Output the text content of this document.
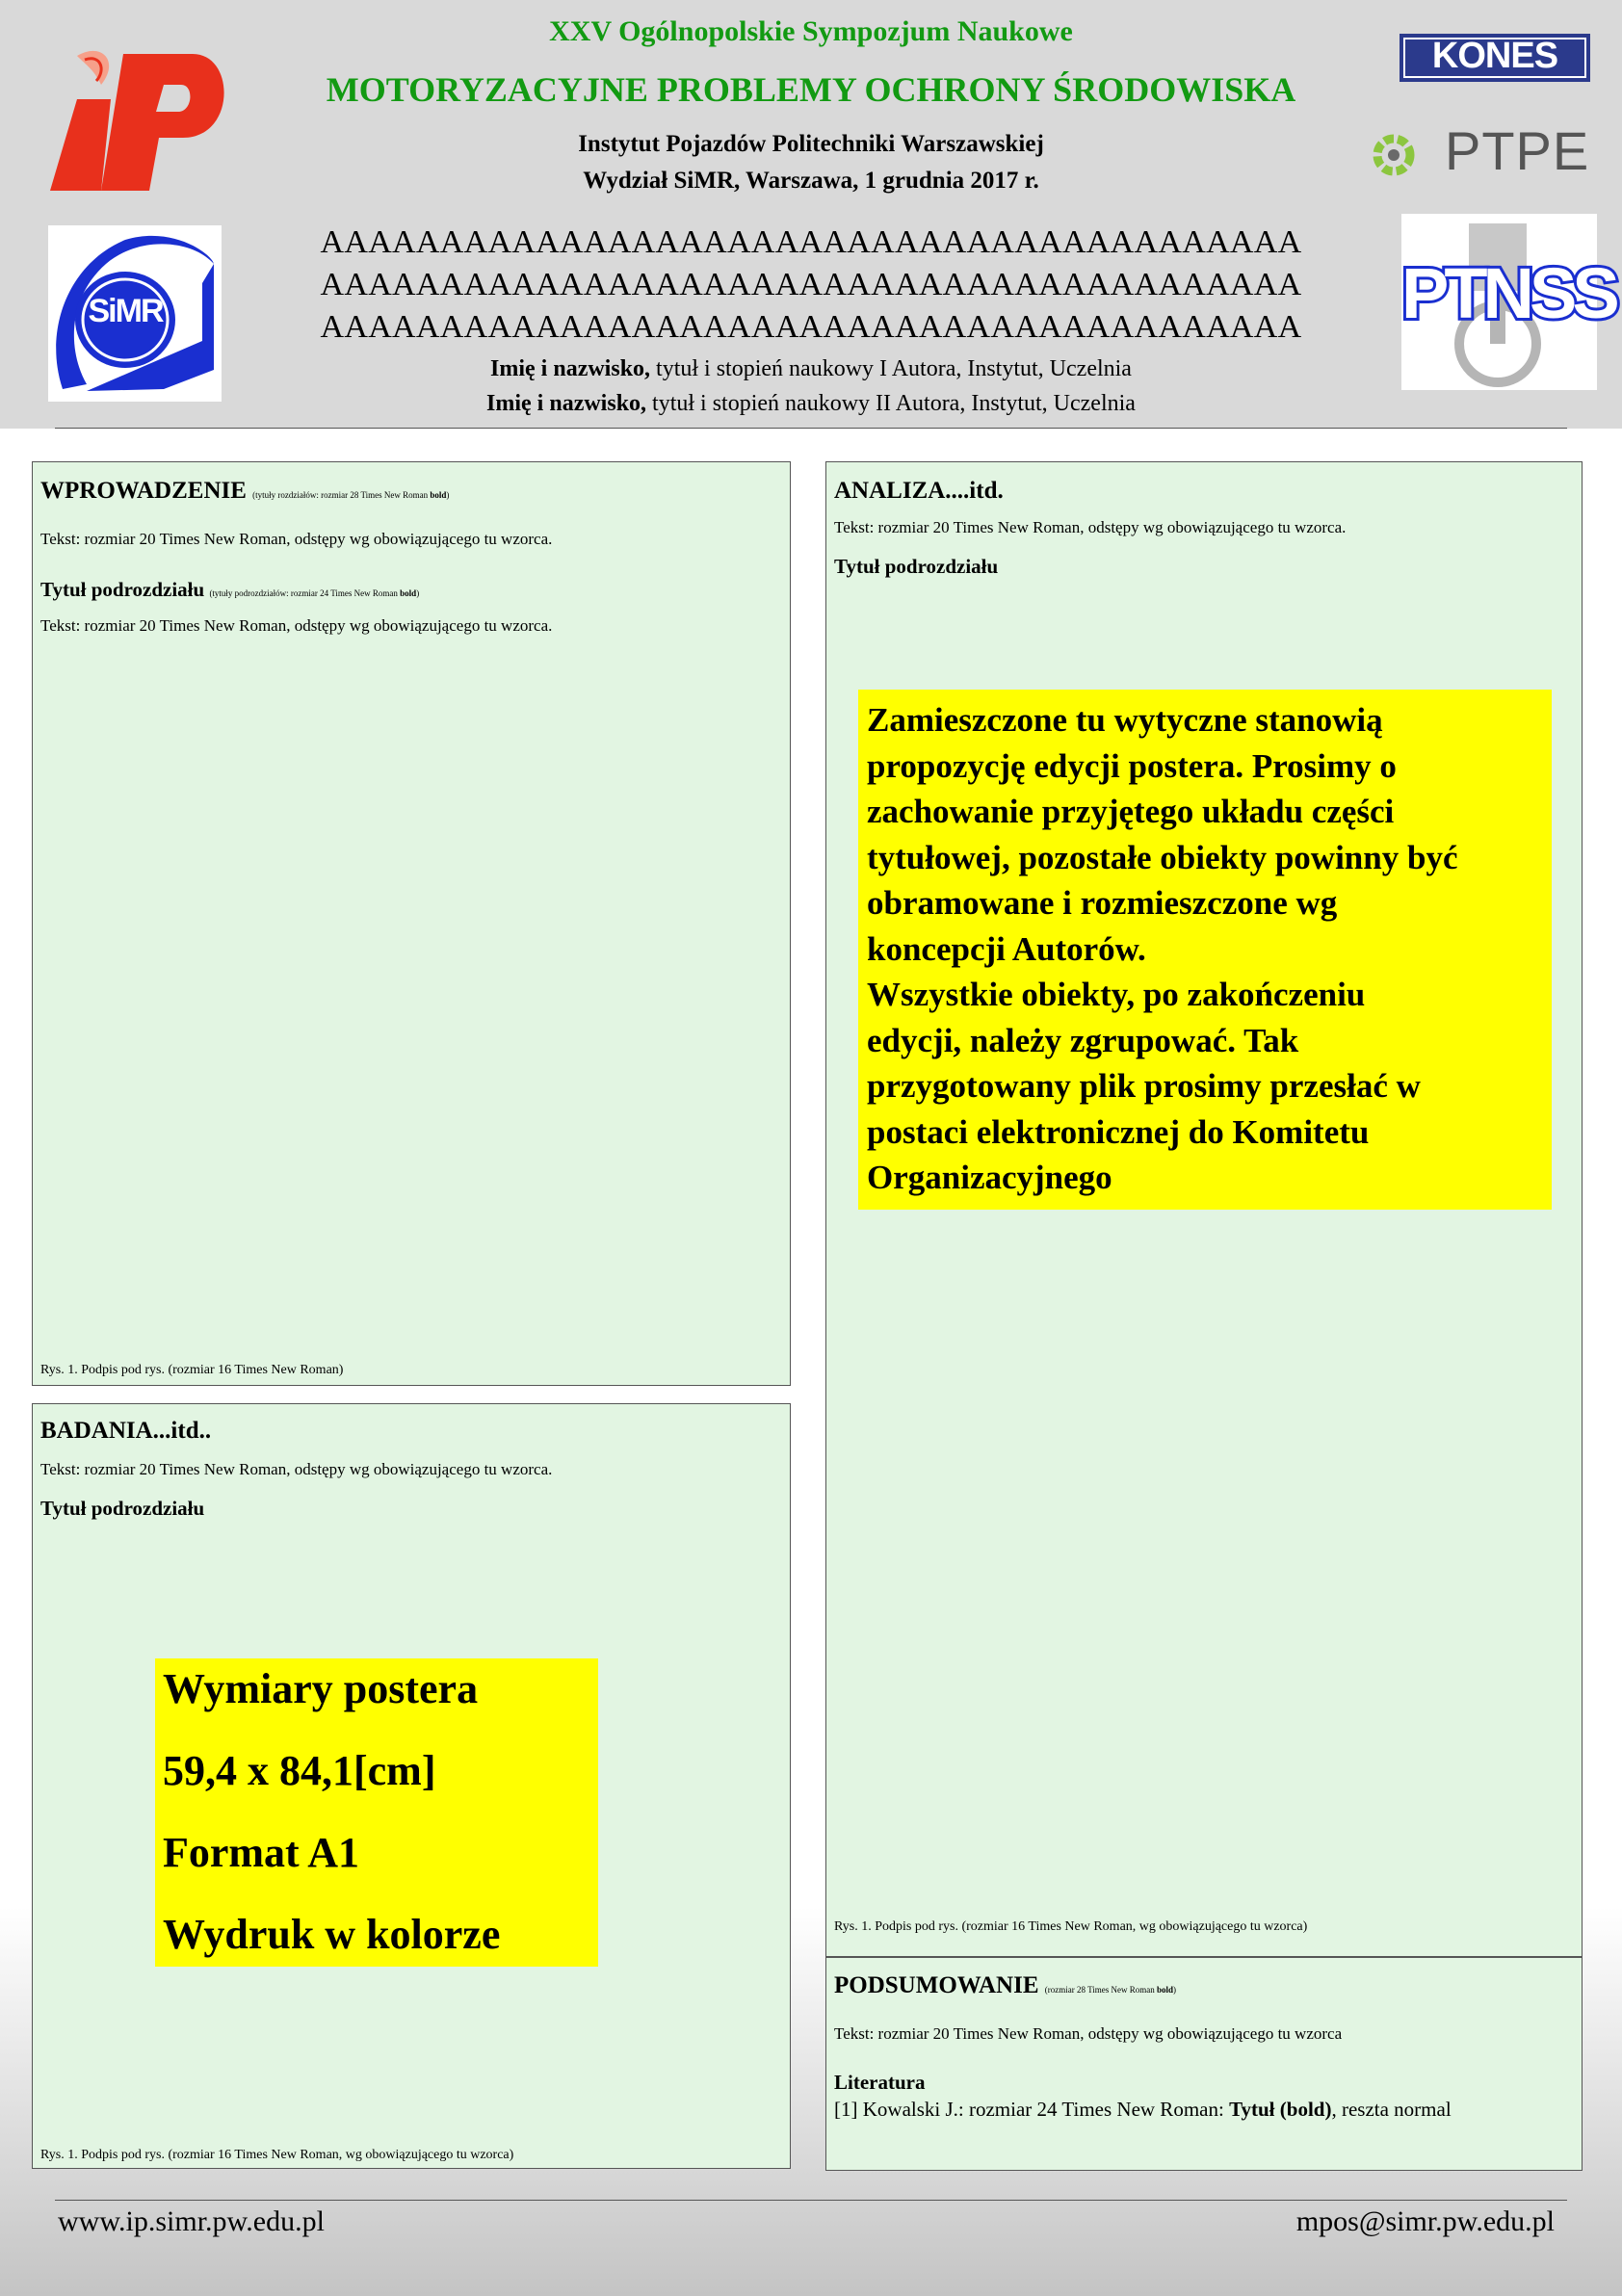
XXV Ogólnopolskie Sympozjum Naukowe
MOTORYZACYJNE PROBLEMY OCHRONY ŚRODOWISKA
Instytut Pojazdów Politechniki Warszawskiej
Wydział SiMR, Warszawa, 1 grudnia 2017 r.
AAAAAAAAAAAAAAAAAAAAAAAAAAAAAAAAAAAAAAAAA
AAAAAAAAAAAAAAAAAAAAAAAAAAAAAAAAAAAAAAAAA
AAAAAAAAAAAAAAAAAAAAAAAAAAAAAAAAAAAAAAAAA
Imię i nazwisko, tytuł i stopień naukowy I Autora, Instytut, Uczelnia
Imię i nazwisko, tytuł i stopień naukowy II Autora, Instytut, Uczelnia
KONES
PTPE
SiMR	PTNSS
WPROWADZENIE (tytuły rozdziałów: rozmiar 28 Times New Roman bold)
Tekst: rozmiar 20 Times New Roman, odstępy wg obowiązującego tu wzorca.
Tytuł podrozdziału (tytuły podrozdziałów: rozmiar 24 Times New Roman bold)
Tekst: rozmiar 20 Times New Roman, odstępy wg obowiązującego tu wzorca.
Rys. 1. Podpis pod rys. (rozmiar 16 Times New Roman)
BADANIA...itd..
Tekst: rozmiar 20 Times New Roman, odstępy wg obowiązującego tu wzorca.
Tytuł podrozdziału
Wymiary postera
59,4 x 84,1[cm]
Format A1
Wydruk w kolorze
Rys. 1. Podpis pod rys. (rozmiar 16 Times New Roman, wg obowiązującego tu wzorca)
ANALIZA....itd.
Tekst: rozmiar 20 Times New Roman, odstępy wg obowiązującego tu wzorca.
Tytuł podrozdziału
Zamieszczone tu wytyczne stanowią
propozycję edycji postera. Prosimy o
zachowanie przyjętego układu części
tytułowej, pozostałe obiekty powinny być
obramowane i rozmieszczone wg
koncepcji Autorów.
Wszystkie obiekty, po zakończeniu
edycji, należy zgrupować. Tak
przygotowany plik prosimy przesłać w
postaci elektronicznej do Komitetu
Organizacyjnego
Rys. 1. Podpis pod rys. (rozmiar 16 Times New Roman, wg obowiązującego tu wzorca)
PODSUMOWANIE (rozmiar 28 Times New Roman bold)
Tekst: rozmiar 20 Times New Roman, odstępy wg obowiązującego tu wzorca
Literatura
[1] Kowalski J.: rozmiar 24 Times New Roman: Tytuł (bold), reszta normal
www.ip.simr.pw.edu.pl	mpos@simr.pw.edu.pl
